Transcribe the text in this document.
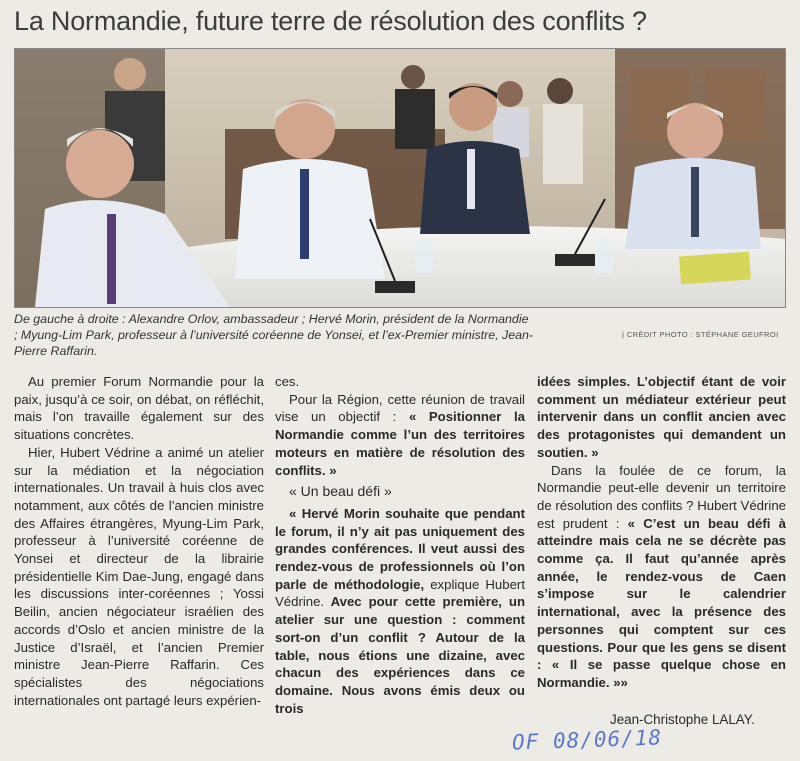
La Normandie, future terre de résolution des conflits ?
De gauche à droite : Alexandre Orlov, ambassadeur ; Hervé Morin, président de la Normandie ; Myung-Lim Park, professeur à l’université coréenne de Yonsei, et l’ex-Premier ministre, Jean-Pierre Raffarin.
| CRÉDIT PHOTO : STÉPHANE GEUFROI

Au premier Forum Normandie pour la paix, jusqu’à ce soir, on débat, on réfléchit, mais l’on travaille également sur des situations concrètes.

Hier, Hubert Védrine a animé un atelier sur la médiation et la négociation internationales. Un travail à huis clos avec notamment, aux côtés de l’ancien ministre des Affaires étrangères, Myung-Lim Park, professeur à l’université coréenne de Yonsei et directeur de la librairie présidentielle Kim Dae-Jung, engagé dans les discussions inter-coréennes ; Yossi Beilin, ancien négociateur israélien des accords d’Oslo et ancien ministre de la Justice d’Israël, et l’ancien Premier ministre Jean-Pierre Raffarin. Ces spécialistes des négociations internationales ont partagé leurs expérien-

ces.

Pour la Région, cette réunion de travail vise un objectif : « Positionner la Normandie comme l’un des territoires moteurs en matière de résolution des conflits. »

« Un beau défi »

« Hervé Morin souhaite que pendant le forum, il n’y ait pas uniquement des grandes conférences. Il veut aussi des rendez-vous de professionnels où l’on parle de méthodologie, explique Hubert Védrine. Avec pour cette première, un atelier sur une question : comment sort-on d’un conflit ? Autour de la table, nous étions une dizaine, avec chacun des expériences dans ce domaine. Nous avons émis deux ou trois

idées simples. L’objectif étant de voir comment un médiateur extérieur peut intervenir dans un conflit ancien avec des protagonistes qui demandent un soutien. »

Dans la foulée de ce forum, la Normandie peut-elle devenir un territoire de résolution des conflits ? Hubert Védrine est prudent : « C’est un beau défi à atteindre mais cela ne se décrète pas comme ça. Il faut qu’année après année, le rendez-vous de Caen s’impose sur le calendrier international, avec la présence des personnes qui comptent sur ces questions. Pour que les gens se disent : « Il se passe quelque chose en Normandie. »»

Jean-Christophe LALAY.
OF 08/06/18
